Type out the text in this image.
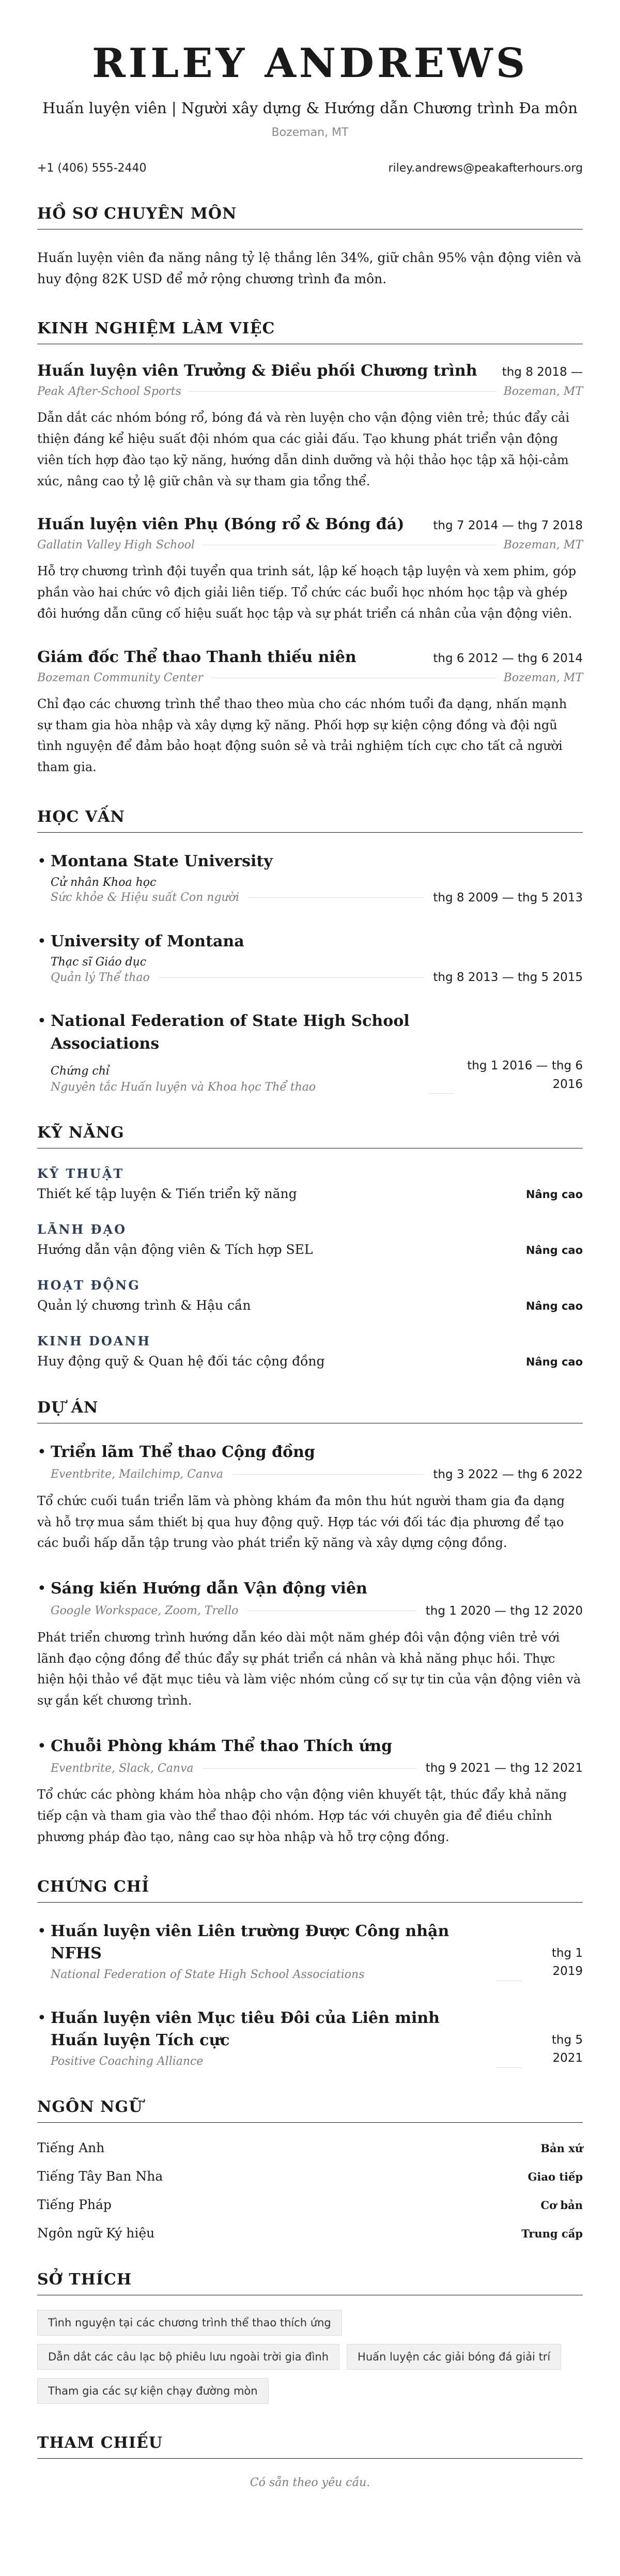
RILEY ANDREWS
Huấn luyện viên | Người xây dựng & Hướng dẫn Chương trình Đa môn
Bozeman, MT
+1 (406) 555-2440	riley.andrews@peakafterhours.org
HỒ SƠ CHUYÊN MÔN

Huấn luyện viên đa năng nâng tỷ lệ thắng lên 34%, giữ chân 95% vận động viên và huy động 82K USD để mở rộng chương trình đa môn.

KINH NGHIỆM LÀM VIỆC
Huấn luyện viên Trưởng & Điều phối Chương trình thg 8 2018 —
Peak After-School Sports	Bozeman, MT

Dẫn dắt các nhóm bóng rổ, bóng đá và rèn luyện cho vận động viên trẻ; thúc đẩy cải thiện đáng kể hiệu suất đội nhóm qua các giải đấu. Tạo khung phát triển vận động viên tích hợp đào tạo kỹ năng, hướng dẫn dinh dưỡng và hội thảo học tập xã hội-cảm xúc, nâng cao tỷ lệ giữ chân và sự tham gia tổng thể.

Huấn luyện viên Phụ (Bóng rổ & Bóng đá) thg 7 2014 — thg 7 2018
Gallatin Valley High School	Bozeman, MT

Hỗ trợ chương trình đội tuyển qua trinh sát, lập kế hoạch tập luyện và xem phim, góp phần vào hai chức vô địch giải liên tiếp. Tổ chức các buổi học nhóm học tập và ghép đôi hướng dẫn cũng cố hiệu suất học tập và sự phát triển cá nhân của vận động viên.

Giám đốc Thể thao Thanh thiếu niên	thg 6 2012 — thg 6 2014
Bozeman Community Center	Bozeman, MT

Chỉ đạo các chương trình thể thao theo mùa cho các nhóm tuổi đa dạng, nhấn mạnh sự tham gia hòa nhập và xây dựng kỹ năng. Phối hợp sự kiện cộng đồng và đội ngũ tình nguyện để đảm bảo hoạt động suôn sẻ và trải nghiệm tích cực cho tất cả người tham gia.

HỌC VẤN
• Montana State University
Cử nhân Khoa học
Sức khỏe & Hiệu suất Con người	thg 8 2009 — thg 5 2013
• University of Montana
Thạc sĩ Giáo dục
Quản lý Thể thao	thg 8 2013 — thg 5 2015
• National Federation of State High School Associations
Chứng chỉ
Nguyên tắc Huấn luyện và Khoa học Thể thao
thg 1 2016 — thg 6 2016
KỸ NĂNG
KỸ THUẬT
Thiết kế tập luyện & Tiến triển kỹ năng	Nâng cao
LÃNH ĐẠO
Hướng dẫn vận động viên & Tích hợp SEL	Nâng cao
HOẠT ĐỘNG
Quản lý chương trình & Hậu cần	Nâng cao
KINH DOANH
Huy động quỹ & Quan hệ đối tác cộng đồng	Nâng cao
DỰ ÁN
• Triển lãm Thể thao Cộng đồng
Eventbrite, Mailchimp, Canva	thg 3 2022 — thg 6 2022

Tổ chức cuối tuần triển lãm và phòng khám đa môn thu hút người tham gia đa dạng và hỗ trợ mua sắm thiết bị qua huy động quỹ. Hợp tác với đối tác địa phương để tạo các buổi hấp dẫn tập trung vào phát triển kỹ năng và xây dựng cộng đồng.

• Sáng kiến Hướng dẫn Vận động viên
Google Workspace, Zoom, Trello	thg 1 2020 — thg 12 2020

Phát triển chương trình hướng dẫn kéo dài một năm ghép đôi vận động viên trẻ với lãnh đạo cộng đồng để thúc đẩy sự phát triển cá nhân và khả năng phục hồi. Thực hiện hội thảo về đặt mục tiêu và làm việc nhóm củng cố sự tự tin của vận động viên và sự gắn kết chương trình.

• Chuỗi Phòng khám Thể thao Thích ứng
Eventbrite, Slack, Canva	thg 9 2021 — thg 12 2021

Tổ chức các phòng khám hòa nhập cho vận động viên khuyết tật, thúc đẩy khả năng tiếp cận và tham gia vào thể thao đội nhóm. Hợp tác với chuyên gia để điều chỉnh phương pháp đào tạo, nâng cao sự hòa nhập và hỗ trợ cộng đồng.

CHỨNG CHỈ
• Huấn luyện viên Liên trường Được Công nhận NFHS
National Federation of State High School Associations
thg 1 2019
• Huấn luyện viên Mục tiêu Đôi của Liên minh Huấn luyện Tích cực
Positive Coaching Alliance
thg 5 2021
NGÔN NGỮ
Tiếng Anh	Bản xứ
Tiếng Tây Ban Nha	Giao tiếp
Tiếng Pháp	Cơ bản
Ngôn ngữ Ký hiệu	Trung cấp
SỞ THÍCH
Tình nguyện tại các chương trình thể thao thích ứng
Dẫn dắt các câu lạc bộ phiêu lưu ngoài trời gia đình	Huấn luyện các giải bóng đá giải trí
Tham gia các sự kiện chạy đường mòn
THAM CHIẾU
Có sẵn theo yêu cầu.
